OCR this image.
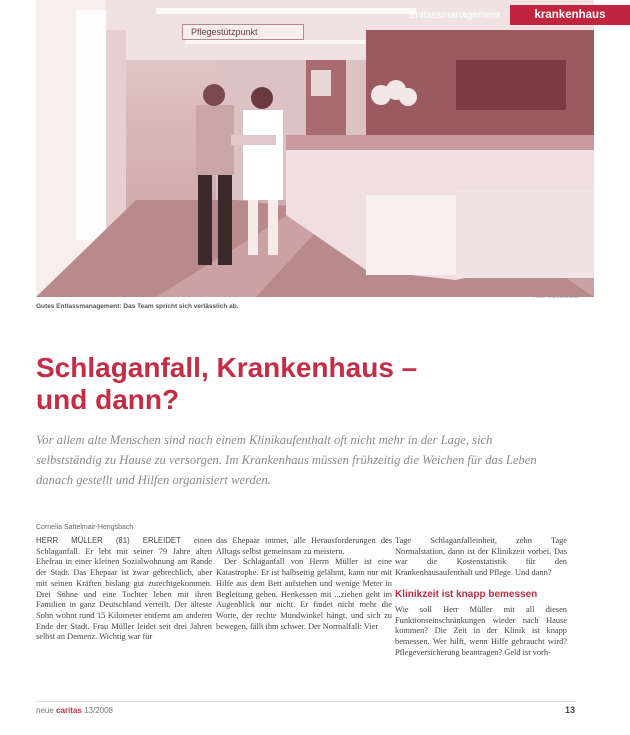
Pflegestützpunkt
Entlassmanagement	krankenhaus
Foto: Krankenhaus
Gutes Entlassmanagement: Das Team spricht sich verlässlich ab.
Schlaganfall, Krankenhaus –
und dann?

Vor allem alte Menschen sind nach einem Klinikaufenthalt oft nicht mehr in der Lage, sich selbstständig zu Hause zu versorgen. Im Krankenhaus müssen frühzeitig die Weichen für das Leben danach gestellt und Hilfen organisiert werden.

Cornelia Sattelmair-Hengsbach

HERR MÜLLER (81) ERLEIDET einen Schlaganfall. Er lebt mit seiner 79 Jahre alten Ehefrau in einer kleinen Sozialwohnung am Rande der Stadt. Das Ehepaar ist zwar gebrechlich, aber mit seinen Kräften bislang gut zurechtgekommen. Drei Söhne und eine Tochter leben mit ihren Familien in ganz Deutschland verteilt. Der älteste Sohn wohnt rund 15 Kilometer entfernt am anderen Ende der Stadt. Frau Müller leidet seit drei Jahren selbst an Demenz. Wichtig war für

das Ehepaar immer, alle Herausforderungen des Alltags selbst gemeinsam zu meistern.

Der Schlaganfall von Herrn Müller ist eine Katastrophe. Er ist halbseitig gelähmt, kann nur mit Hilfe aus dem Bett aufstehen und wenige Meter in Begleitung gehen. Henkessen mit ...ziehen geht im Augenblick nur nicht. Er findet nicht mehr die Worte, der rechte Mundwinkel hängt, und sich zu bewegen, fällt ihm schwer. Der Normalfall: Vier

Tage Schlaganfalleinheit, zehn Tage Normalstation, dann ist der Klinikzeit vorbei. Das war die Kostenstatistik für den Krankenhausaufenthalt und Pflege. Und dann?

Klinikzeit ist knapp bemessen

Wie soll Herr Müller mit all diesen Funktionseinschränkungen wieder nach Hause kommen? Die Zeit in der Klinik ist knapp bemessen. Wer hilft, wenn Hilfe gebraucht wird? Pflegeversicherung beantragen? Geld ist vorh-

neue caritas 13/2008	13
